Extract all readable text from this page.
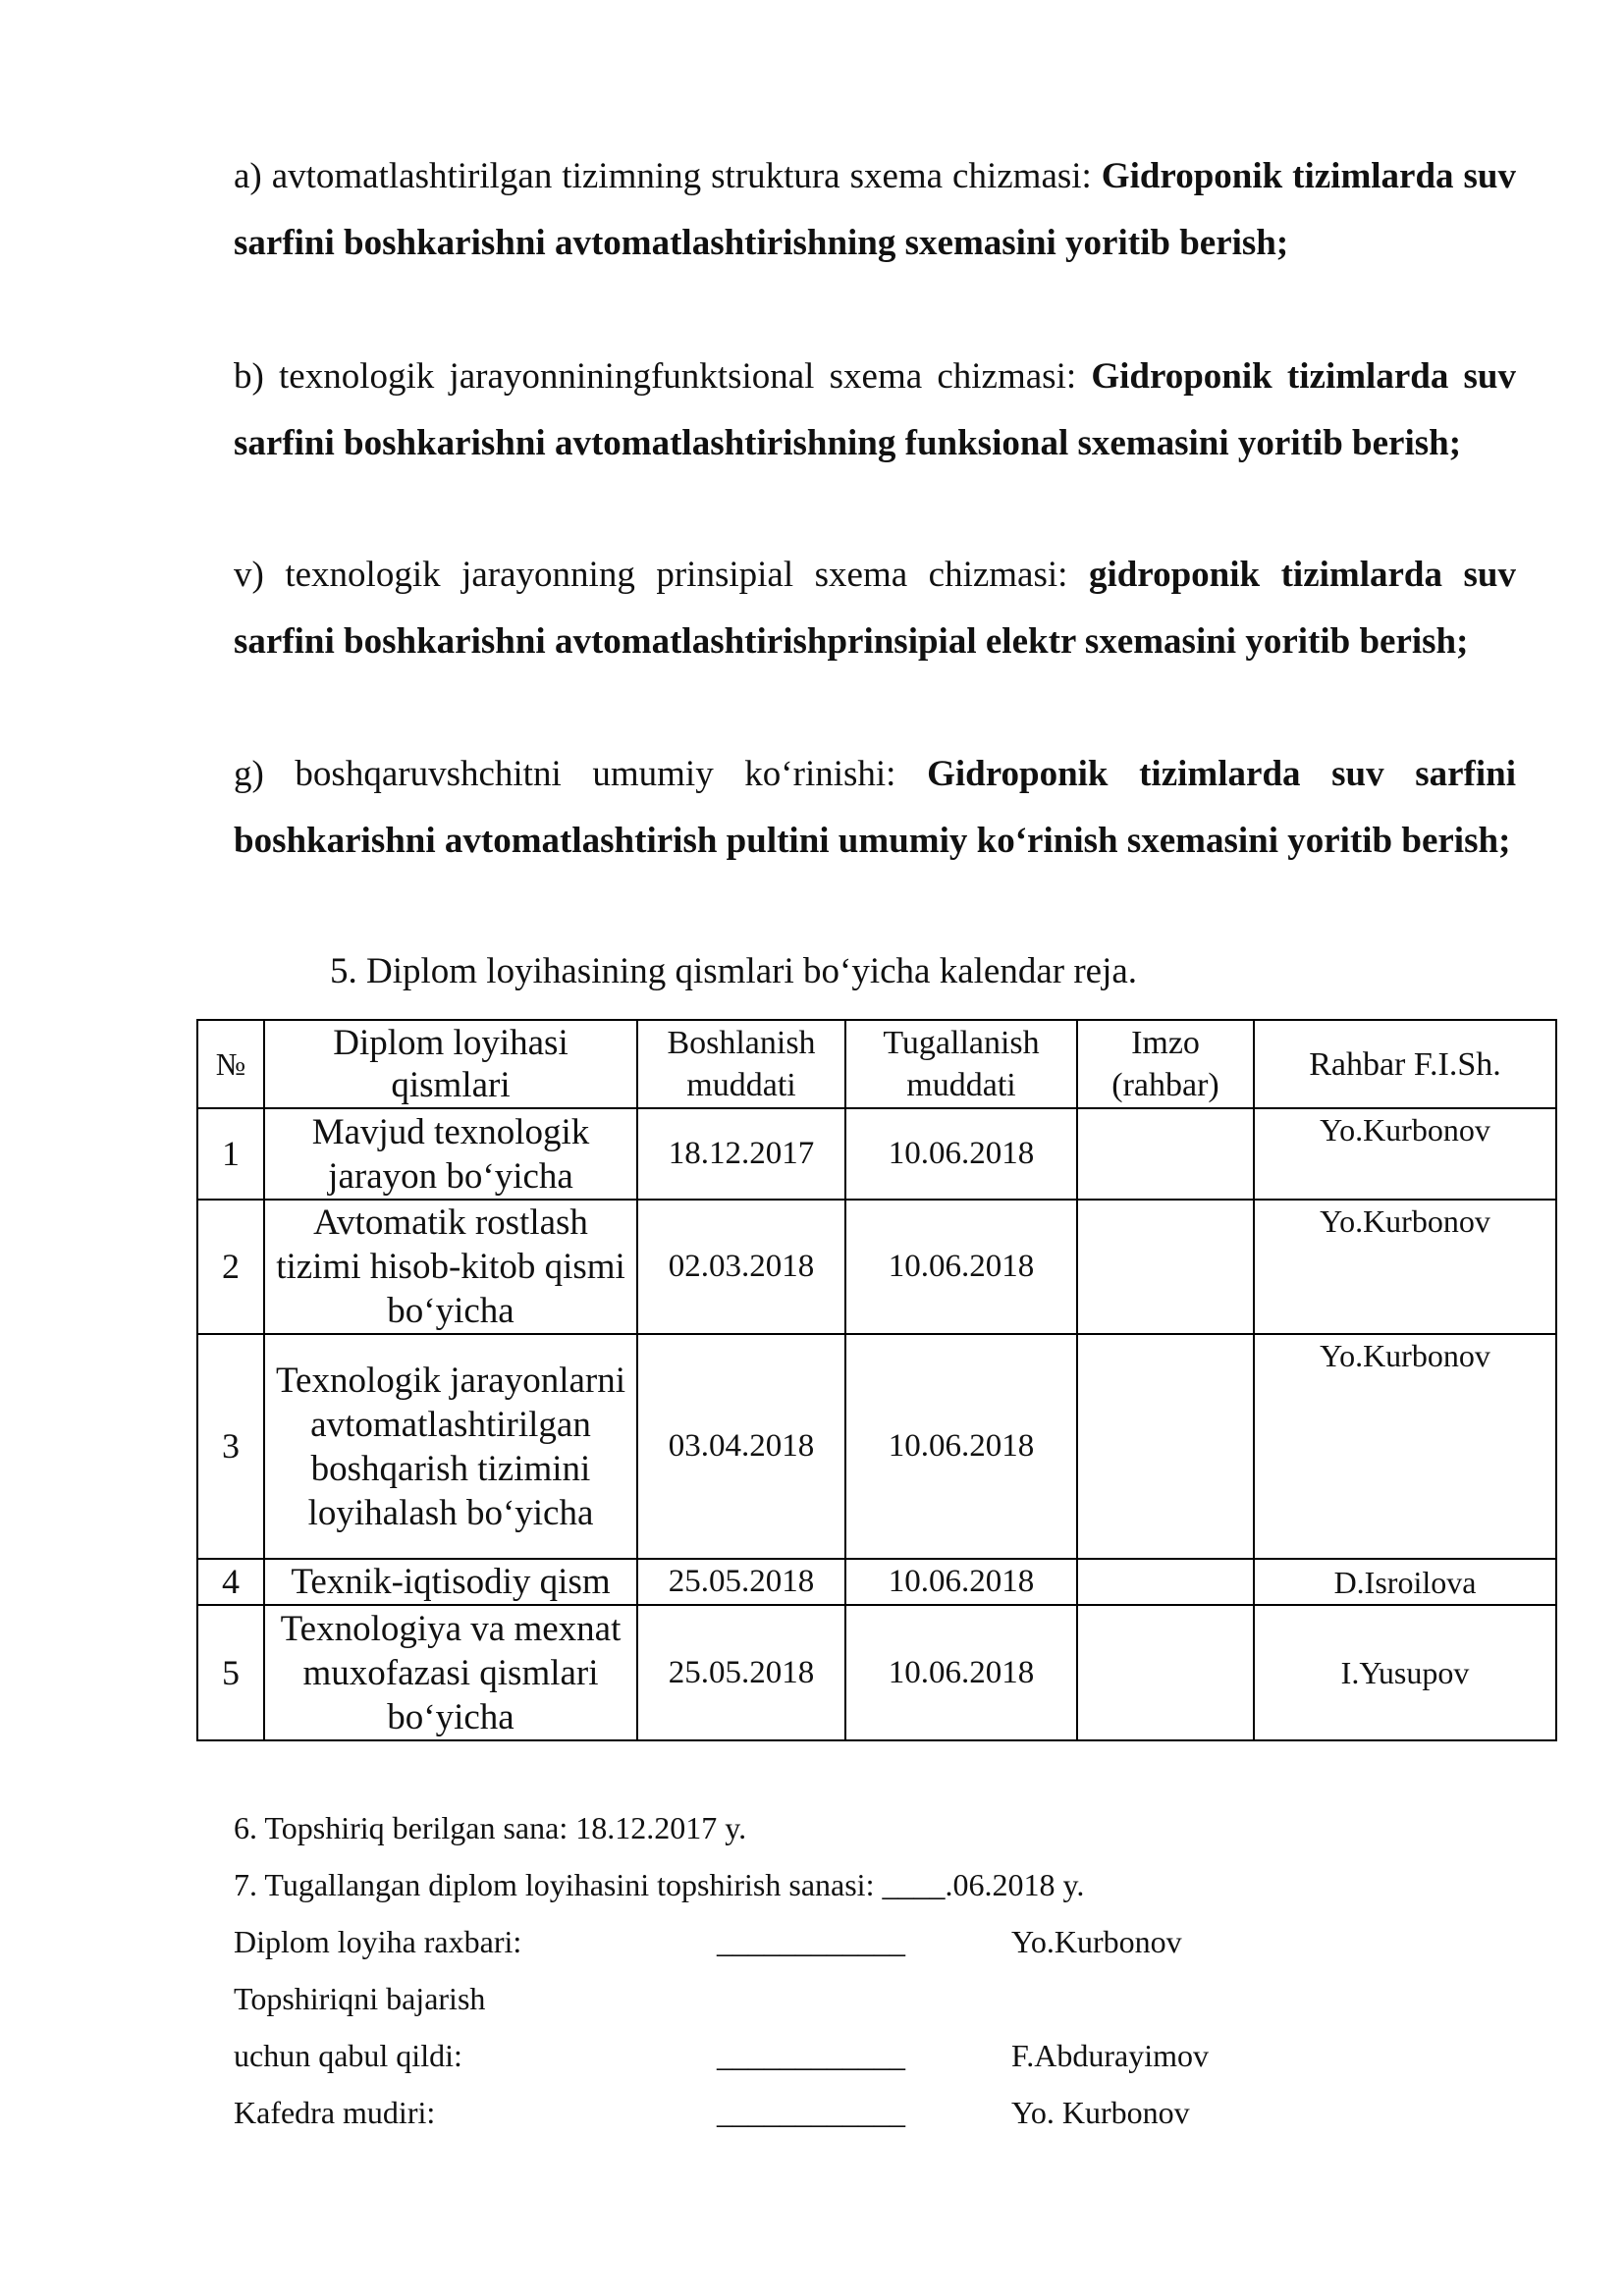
a) avtomatlashtirilgan tizimning struktura sxema chizmasi: Gidroponik tizimlarda suv sarfini boshkarishni avtomatlashtirishning sxemasini yoritib berish;

b) texnologik jarayonniningfunktsional sxema chizmasi: Gidroponik tizimlarda suv sarfini boshkarishni avtomatlashtirishning funksional sxemasini yoritib berish;

v) texnologik jarayonning prinsipial sxema chizmasi: gidroponik tizimlarda suv sarfini boshkarishni avtomatlashtirishprinsipial elektr sxemasini yoritib berish;

g) boshqaruvshchitni umumiy koʻrinishi: Gidroponik tizimlarda suv sarfini boshkarishni avtomatlashtirish pultini umumiy koʻrinish sxemasini yoritib berish;

5. Diplom loyihasining qismlari boʻyicha kalendar reja.
№	Diplom loyihasi qismlari	Boshlanish muddati	Tugallanish muddati	Imzo (rahbar)	Rahbar F.I.Sh.
1	Mavjud texnologik jarayon boʻyicha	18.12.2017	10.06.2018		Yo.Kurbonov
2	Avtomatik rostlash tizimi hisob-kitob qismi boʻyicha	02.03.2018	10.06.2018		Yo.Kurbonov
3	Texnologik jarayonlarni avtomatlashtirilgan boshqarish tizimini loyihalash boʻyicha	03.04.2018	10.06.2018		Yo.Kurbonov
4	Texnik-iqtisodiy qism	25.05.2018	10.06.2018		D.Isroilova
5	Texnologiya va mexnat muxofazasi qismlari boʻyicha	25.05.2018	10.06.2018		I.Yusupov
6. Topshiriq berilgan sana: 18.12.2017 y.
7. Tugallangan diplom loyihasini topshirish sanasi: ____.06.2018 y.
Diplom loyiha raxbari:	____________	Yo.Kurbonov
Topshiriqni bajarish
uchun qabul qildi:	____________	F.Abdurayimov
Kafedra mudiri:	____________	Yo. Kurbonov
